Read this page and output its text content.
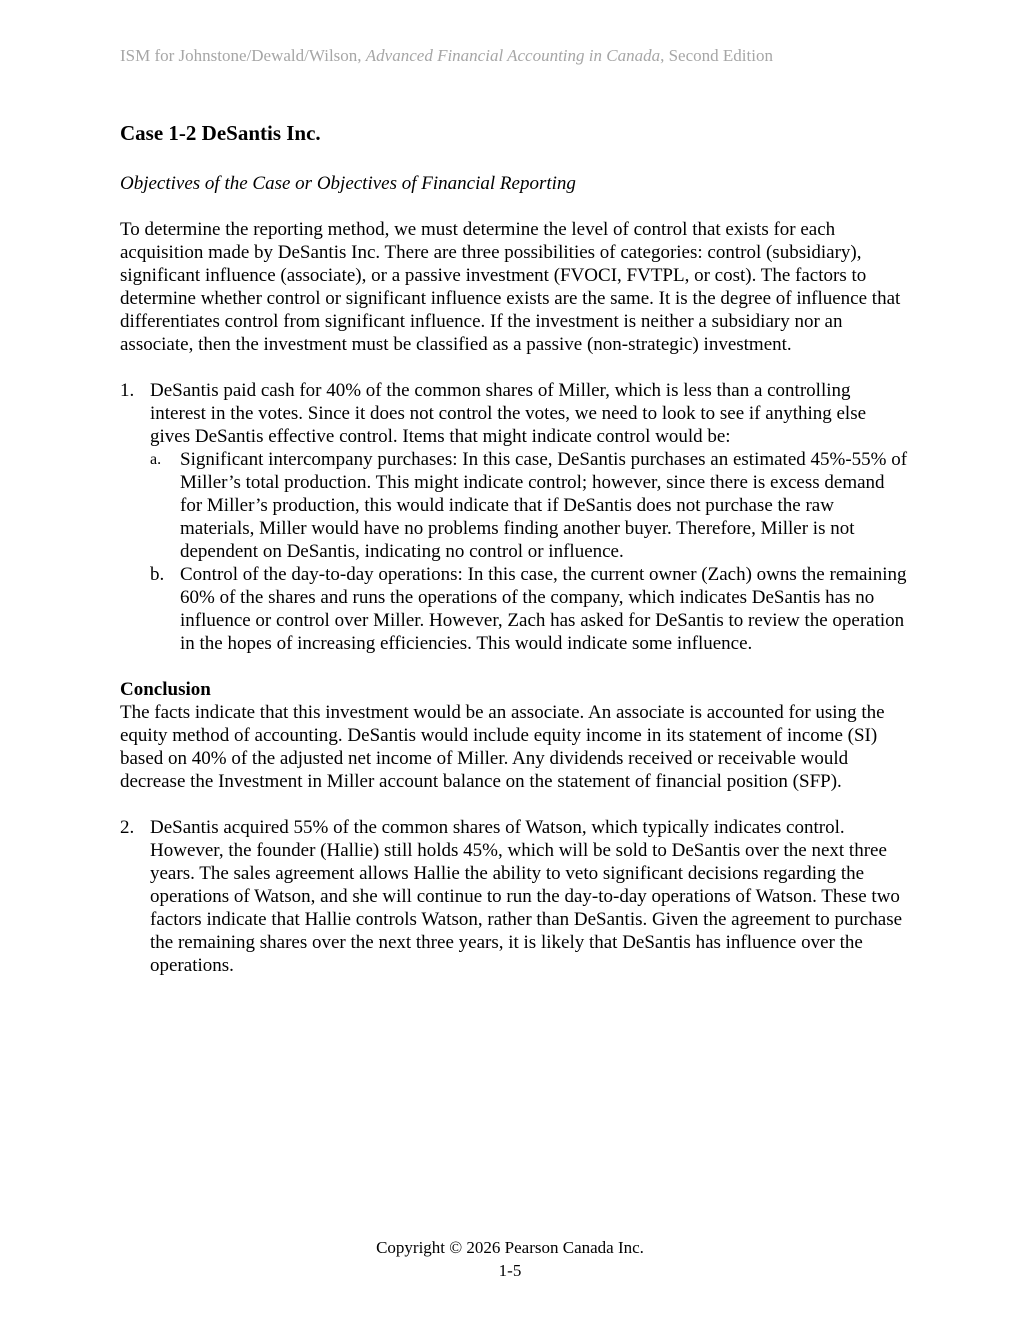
ISM for Johnstone/Dewald/Wilson, Advanced Financial Accounting in Canada, Second Edition
Case 1-2 DeSantis Inc.

Objectives of the Case or Objectives of Financial Reporting

To determine the reporting method, we must determine the level of control that exists for each acquisition made by DeSantis Inc. There are three possibilities of categories: control (subsidiary), significant influence (associate), or a passive investment (FVOCI, FVTPL, or cost). The factors to determine whether control or significant influence exists are the same. It is the degree of influence that differentiates control from significant influence. If the investment is neither a subsidiary nor an associate, then the investment must be classified as a passive (non-strategic) investment.

1. DeSantis paid cash for 40% of the common shares of Miller, which is less than a controlling interest in the votes. Since it does not control the votes, we need to look to see if anything else gives DeSantis effective control. Items that might indicate control would be:

a. Significant intercompany purchases: In this case, DeSantis purchases an estimated 45%-55% of Miller’s total production. This might indicate control; however, since there is excess demand for Miller’s production, this would indicate that if DeSantis does not purchase the raw materials, Miller would have no problems finding another buyer. Therefore, Miller is not dependent on DeSantis, indicating no control or influence.

b. Control of the day-to-day operations: In this case, the current owner (Zach) owns the remaining 60% of the shares and runs the operations of the company, which indicates DeSantis has no influence or control over Miller. However, Zach has asked for DeSantis to review the operation in the hopes of increasing efficiencies. This would indicate some influence.

Conclusion

The facts indicate that this investment would be an associate. An associate is accounted for using the equity method of accounting. DeSantis would include equity income in its statement of income (SI) based on 40% of the adjusted net income of Miller. Any dividends received or receivable would decrease the Investment in Miller account balance on the statement of financial position (SFP).

2. DeSantis acquired 55% of the common shares of Watson, which typically indicates control. However, the founder (Hallie) still holds 45%, which will be sold to DeSantis over the next three years. The sales agreement allows Hallie the ability to veto significant decisions regarding the operations of Watson, and she will continue to run the day-to-day operations of Watson. These two factors indicate that Hallie controls Watson, rather than DeSantis. Given the agreement to purchase the remaining shares over the next three years, it is likely that DeSantis has influence over the operations.

Copyright © 2026 Pearson Canada Inc.
1-5
